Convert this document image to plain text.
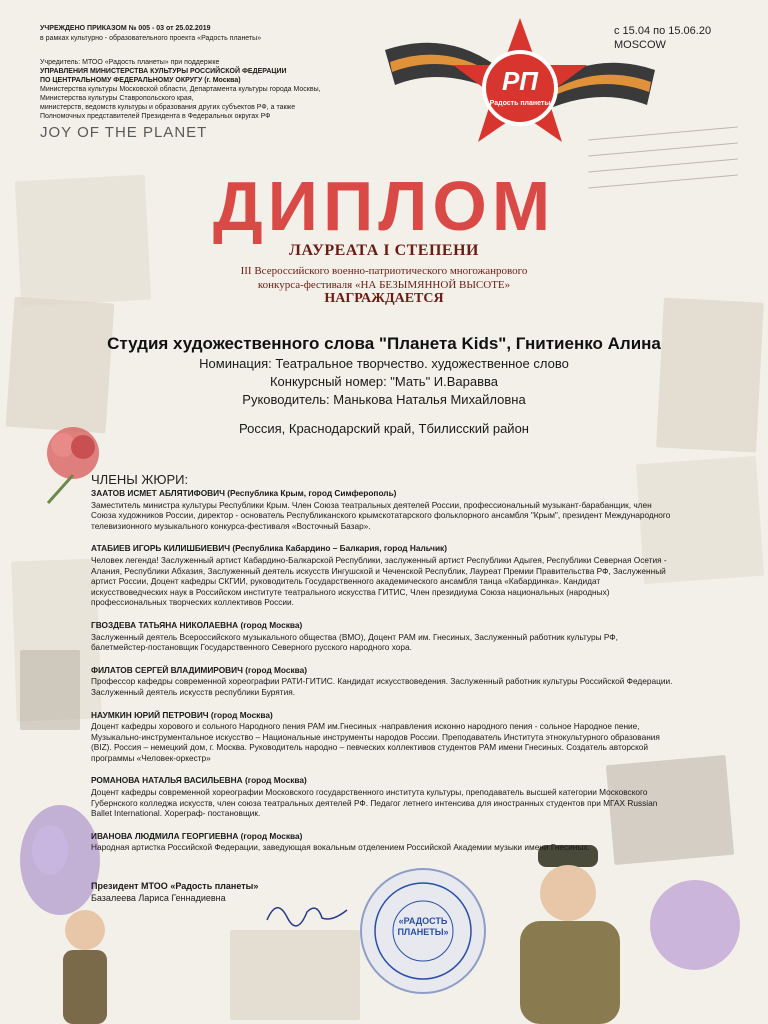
УЧРЕЖДЕНО ПРИКАЗОМ № 005 - 03 от 25.02.2019
в рамках культурно - образовательного проекта «Радость планеты»
Учредитель: МТОО «Радость планеты» при поддержке
УПРАВЛЕНИЯ МИНИСТЕРСТВА КУЛЬТУРЫ РОССИЙСКОЙ ФЕДЕРАЦИИ
ПО ЦЕНТРАЛЬНОМУ ФЕДЕРАЛЬНОМУ ОКРУГУ (г. Москва)
Министерства культуры Московской области, Департамента культуры города Москвы,
Министерства культуры Ставропольского края,
министерств, ведомств культуры и образования других субъектов РФ, а также
Полномочных представителей Президента в Федеральных округах РФ
JOY OF THE PLANET
с 15.04 по 15.06.20
MOSCOW
РП
Радость планеты
ДИПЛОМ
ЛАУРЕАТА I СТЕПЕНИ
III Всероссийского военно-патриотического многожанрового
конкурса-фестиваля «НА БЕЗЫМЯННОЙ ВЫСОТЕ»
НАГРАЖДАЕТСЯ
Студия художественного слова "Планета Kids", Гнитиенко Алина
Номинация: Театральное творчество. художественное слово
Конкурсный номер: "Мать" И.Варавва
Руководитель: Манькова Наталья Михайловна
Россия, Краснодарский край, Тбилисский район
ЧЛЕНЫ ЖЮРИ:
ЗААТОВ ИСМЕТ АБЛЯТИФОВИЧ (Республика Крым, город Симферополь)
Заместитель министра культуры Республики Крым. Член Союза театральных деятелей России, профессиональный музыкант-барабанщик, член Союза художников России, директор - основатель Республиканского крымскотатарского фольклорного ансамбля "Крым", президент Международного телевизионного музыкального конкурса-фестиваля «Восточный Базар».
АТАБИЕВ ИГОРЬ КИЛИШБИЕВИЧ (Республика Кабардино – Балкария, город Нальчик)
Человек легенда! Заслуженный артист Кабардино-Балкарской Республики, заслуженный артист Республики Адыгея, Республики Северная Осетия - Алания, Республики Абхазия, Заслуженный деятель искусств Ингушской и Чеченской Республик, Лауреат Премии Правительства РФ, Заслуженный артист России, Доцент кафедры СКГИИ, руководитель Государственного академического ансамбля танца «Кабардинка». Кандидат искусствоведческих наук в Российском институте театрального искусства ГИТИС, Член президиума Союза национальных (народных) профессиональных творческих коллективов России.
ГВОЗДЕВА ТАТЬЯНА НИКОЛАЕВНА (город Москва)
Заслуженный деятель Всероссийского музыкального общества (ВМО), Доцент РАМ им. Гнесиных, Заслуженный работник культуры РФ, балетмейстер-постановщик Государственного Северного русского народного хора.
ФИЛАТОВ СЕРГЕЙ ВЛАДИМИРОВИЧ (город Москва)
Профессор кафедры современной хореографии РАТИ-ГИТИС. Кандидат искусствоведения. Заслуженный работник культуры Российской Федерации. Заслуженный деятель искусств республики Бурятия.
НАУМКИН ЮРИЙ ПЕТРОВИЧ (город Москва)
Доцент кафедры хорового и сольного Народного пения РАМ им.Гнесиных -направления исконно народного пения - сольное Народное пение, Музыкально-инструментальное искусство – Национальные инструменты народов России. Преподаватель Института этнокультурного образования (BIZ). Россия – немецкий дом, г. Москва. Руководитель народно – певческих коллективов студентов РАМ имени Гнесиных. Создатель авторской программы «Человек-оркестр»
РОМАНОВА НАТАЛЬЯ ВАСИЛЬЕВНА (город Москва)
Доцент кафедры современной хореографии Московского государственного института культуры, преподаватель высшей категории Московского Губернского колледжа искусств, член союза театральных деятелей РФ. Педагог летнего интенсива для иностранных студентов при МГАХ Russian Ballet International. Хореграф- постановщик.
ИВАНОВА ЛЮДМИЛА ГЕОРГИЕВНА (город Москва)
Народная артистка Российской Федерации, заведующая вокальным отделением Российской Академии музыки имени Гнесиных.
Президент МТОО «Радость планеты»
Базалеева Лариса Геннадиевна
«РАДОСТЬ ПЛАНЕТЫ»
